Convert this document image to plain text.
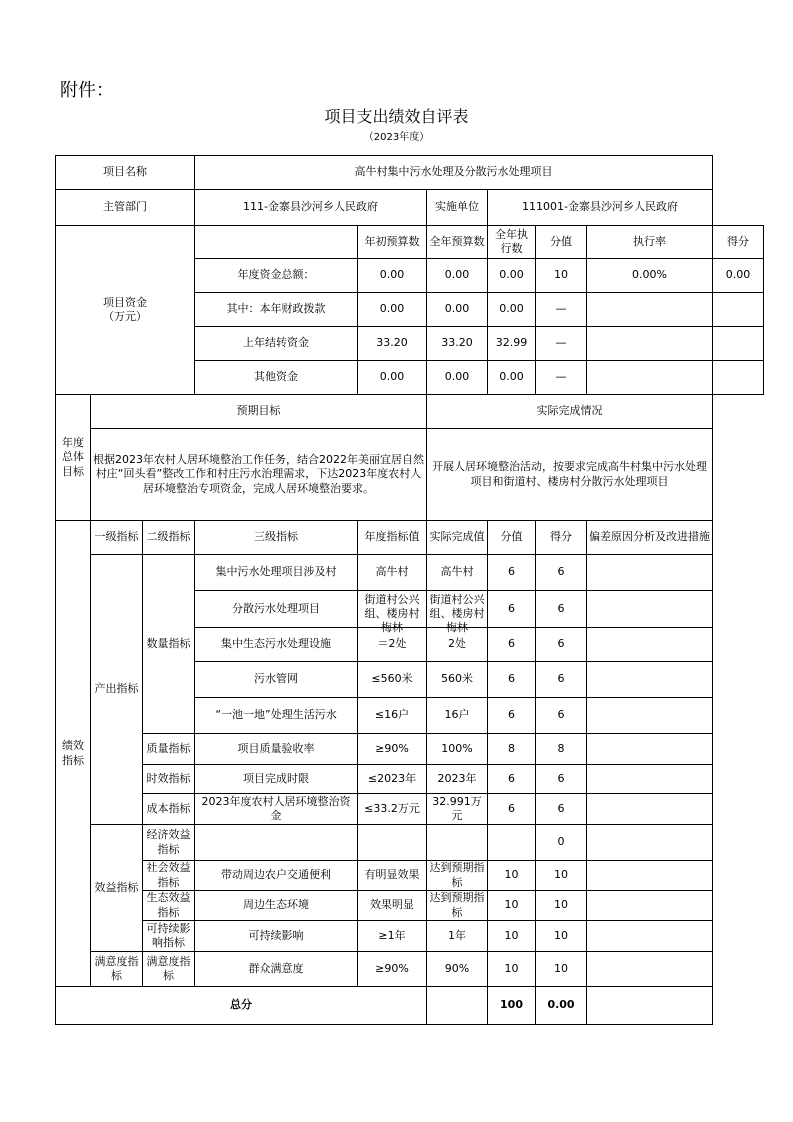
附件：
项目支出绩效自评表
（2023年度）
项目名称			高牛村集中污水处理及分散污水处理项目						
主管部门			111-金寨县沙河乡人民政府		实施单位	111001-金寨县沙河乡人民政府			
项目资金
（万元）				年初预算数	全年预算数	全年执行数	分值	执行率	得分
			年度资金总额：	0.00	0.00	0.00	10	0.00%	0.00
			其中：本年财政拨款	0.00	0.00	0.00	—		
			上年结转资金	33.20	33.20	32.99	—		
			其他资金	0.00	0.00	0.00	—		
年度总体目标	预期目标				实际完成情况				
	根据2023年农村人居环境整治工作任务，结合2022年美丽宜居自然村庄“回头看”整改工作和村庄污水治理需求，下达2023年度农村人居环境整治专项资金，完成人居环境整治要求。				开展人居环境整治活动，按要求完成高牛村集中污水处理项目和街道村、楼房村分散污水处理项目				
绩效指标	一级指标	二级指标	三级指标	年度指标值	实际完成值	分值	得分	偏差原因分析及改进措施	
	产出指标	数量指标	集中污水处理项目涉及村	高牛村	高牛村	6	6		
			分散污水处理项目	街道村公兴组、楼房村梅林	街道村公兴组、楼房村梅林	6	6		
			集中生态污水处理设施	＝2处	2处	6	6		
			污水管网	≤560米	560米	6	6		
			“一池一地”处理生活污水	≤16户	16户	6	6		
		质量指标	项目质量验收率	≥90%	100%	8	8		
		时效指标	项目完成时限	≤2023年	2023年	6	6		
		成本指标	2023年度农村人居环境整治资金	≤33.2万元	32.991万元	6	6		
	效益指标	经济效益指标					0		
		社会效益指标	带动周边农户交通便利	有明显效果	达到预期指标	10	10		
		生态效益指标	周边生态环境	效果明显	达到预期指标	10	10		
		可持续影响指标	可持续影响	≥1年	1年	10	10		
	满意度指标	满意度指标	群众满意度	≥90%	90%	10	10		
总分						100	0.00		
